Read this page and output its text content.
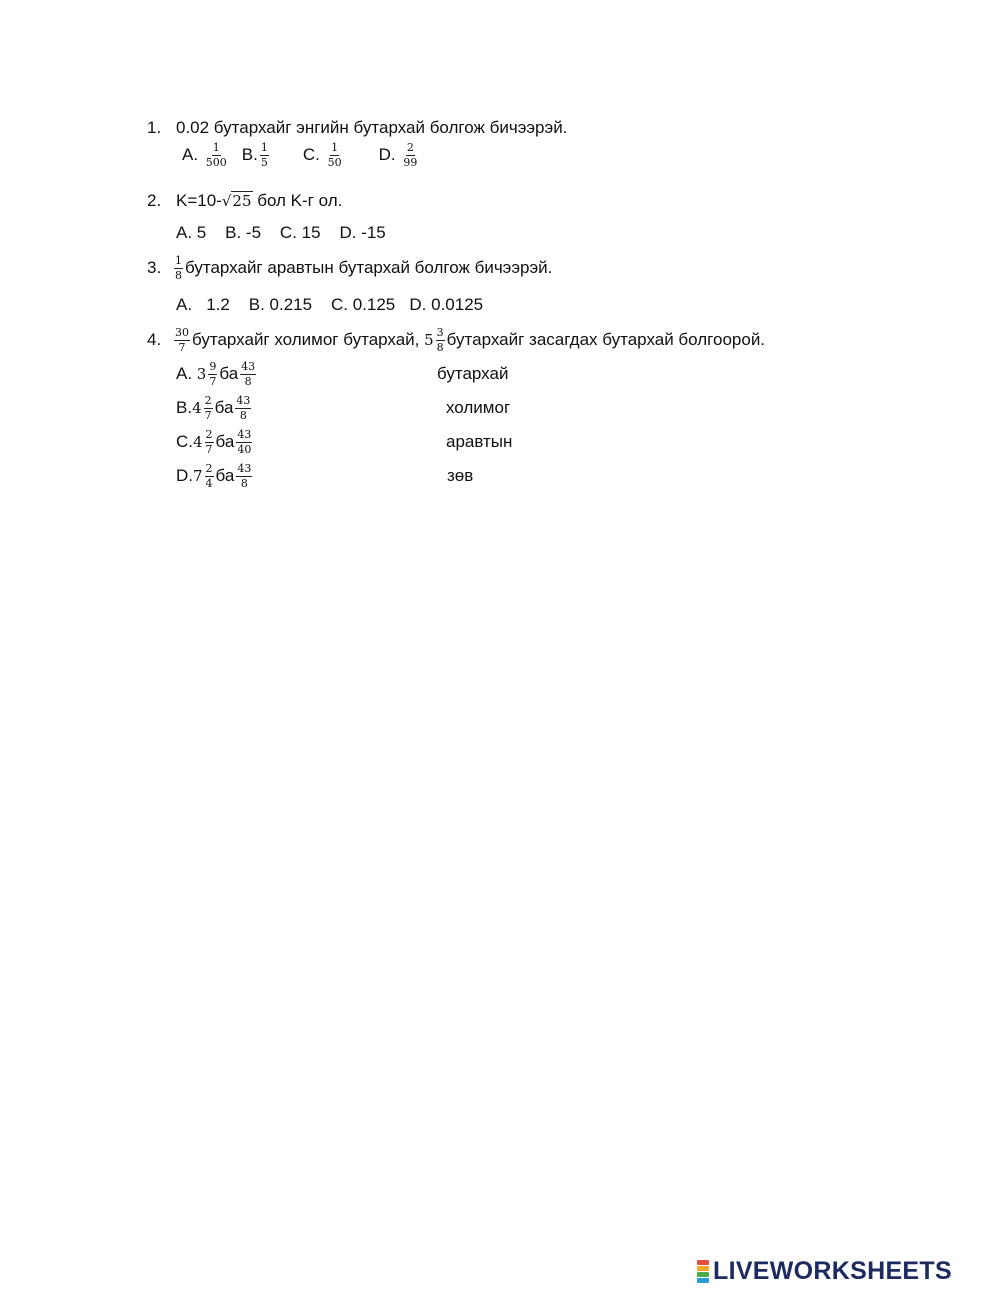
1. 0.02 бутархайг энгийн бутархай болгож бичээрэй.
A. $\frac{1}{500} B$. $\frac{1}{5} C$. $\frac{1}{50} D$. $\frac{2}{99}$
2. K=10-√25 бол K-г ол.
A. 5    B. -5    C. 15    D. -15
3. $\frac{1}{8}$ бутархайг аравтын бутархай болгож бичээрэй.
A.   1.2    B. 0.215    C. 0.125   D. 0.0125
4. $\frac{30}{7}$ бутархайг холимог бутархай, $5 \frac{3}{8}$ бутархайг засагдах бутархай болгоорой.
A. $3 \frac{9}{7}$ ба $\frac{43}{8}$
$B.4 \frac{2}{7}$ ба $\frac{43}{8}$
$C.4 \frac{2}{7}$ ба $\frac{43}{40}$
$D.7 \frac{2}{4}$ ба $\frac{43}{8}$
бутархай
холимог
аравтын
зөв
LIVEWORKSHEETS
